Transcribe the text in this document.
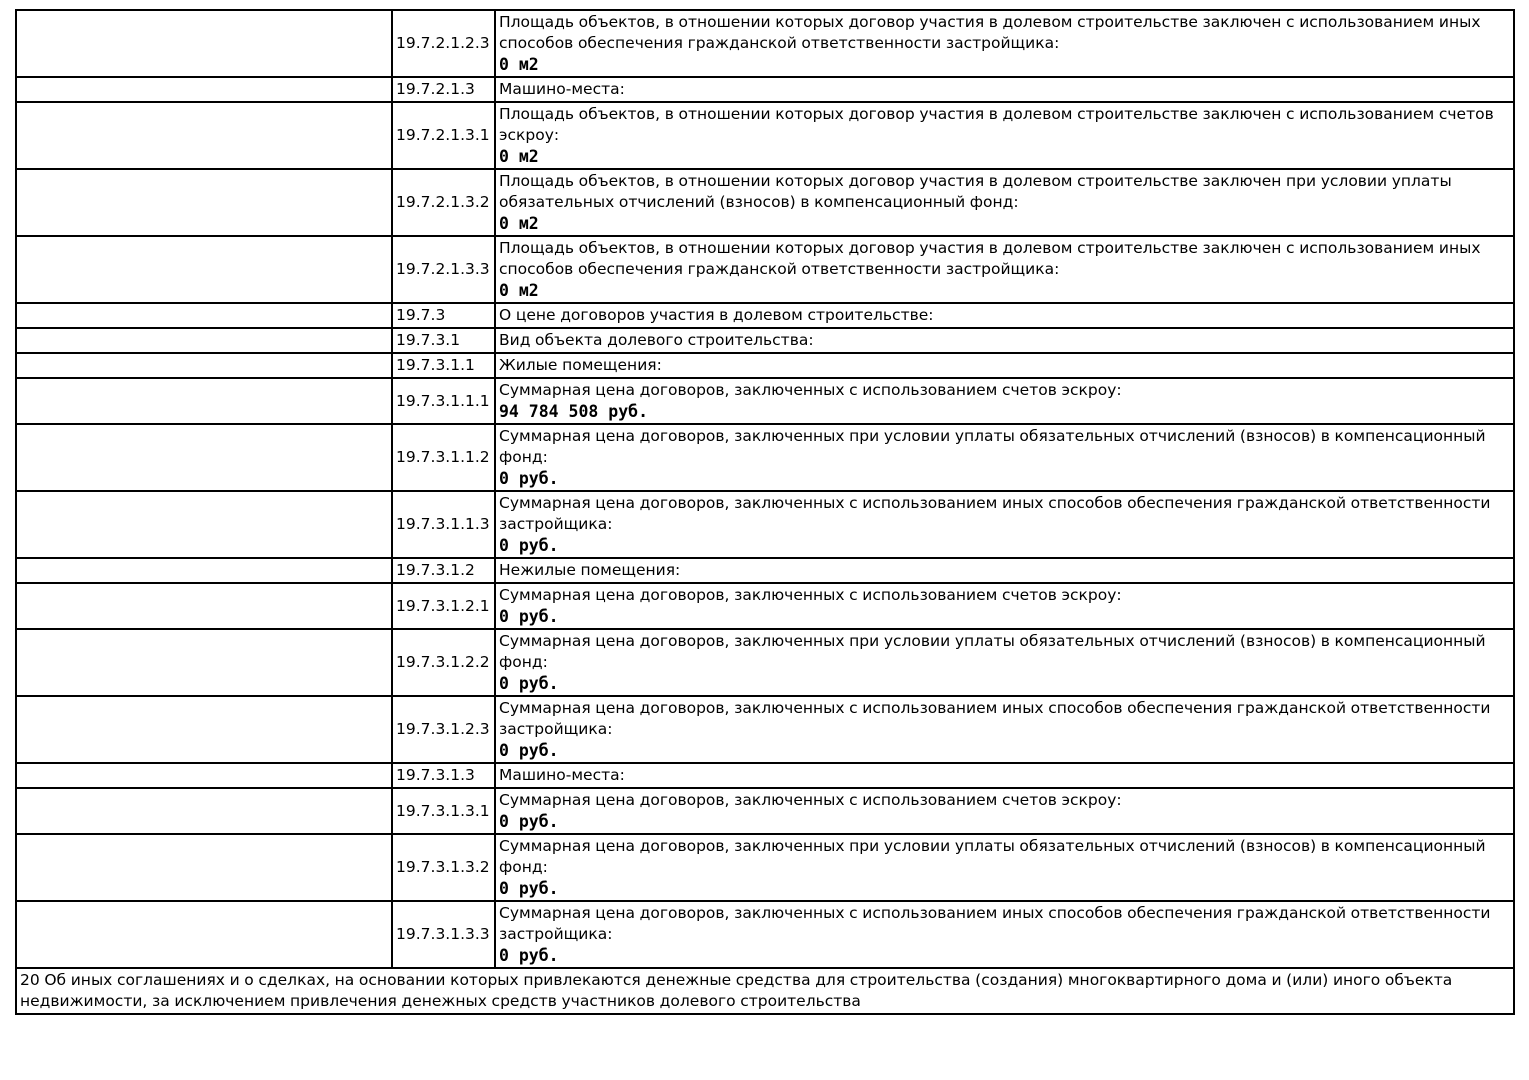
	19.7.2.1.2.3	Площадь объектов, в отношении которых договор участия в долевом строительстве заключен с использованием иных способов обеспечения гражданской ответственности застройщика:
0 м2

	19.7.2.1.3	Машино-места:
	19.7.2.1.3.1	Площадь объектов, в отношении которых договор участия в долевом строительстве заключен с использованием счетов эскроу:
0 м2

	19.7.2.1.3.2	Площадь объектов, в отношении которых договор участия в долевом строительстве заключен при условии уплаты обязательных отчислений (взносов) в компенсационный фонд:
0 м2

	19.7.2.1.3.3	Площадь объектов, в отношении которых договор участия в долевом строительстве заключен с использованием иных способов обеспечения гражданской ответственности застройщика:
0 м2

	19.7.3	О цене договоров участия в долевом строительстве:
	19.7.3.1	Вид объекта долевого строительства:
	19.7.3.1.1	Жилые помещения:
	19.7.3.1.1.1	Суммарная цена договоров, заключенных с использованием счетов эскроу:
94 784 508 руб.

	19.7.3.1.1.2	Суммарная цена договоров, заключенных при условии уплаты обязательных отчислений (взносов) в компенсационный фонд:
0 руб.

	19.7.3.1.1.3	Суммарная цена договоров, заключенных с использованием иных способов обеспечения гражданской ответственности застройщика:
0 руб.

	19.7.3.1.2	Нежилые помещения:
	19.7.3.1.2.1	Суммарная цена договоров, заключенных с использованием счетов эскроу:
0 руб.

	19.7.3.1.2.2	Суммарная цена договоров, заключенных при условии уплаты обязательных отчислений (взносов) в компенсационный фонд:
0 руб.

	19.7.3.1.2.3	Суммарная цена договоров, заключенных с использованием иных способов обеспечения гражданской ответственности застройщика:
0 руб.

	19.7.3.1.3	Машино-места:
	19.7.3.1.3.1	Суммарная цена договоров, заключенных с использованием счетов эскроу:
0 руб.

	19.7.3.1.3.2	Суммарная цена договоров, заключенных при условии уплаты обязательных отчислений (взносов) в компенсационный фонд:
0 руб.

	19.7.3.1.3.3	Суммарная цена договоров, заключенных с использованием иных способов обеспечения гражданской ответственности застройщика:
0 руб.

20 Об иных соглашениях и о сделках, на основании которых привлекаются денежные средства для строительства (создания) многоквартирного дома и (или) иного объекта недвижимости, за исключением привлечения денежных средств участников долевого строительства		
